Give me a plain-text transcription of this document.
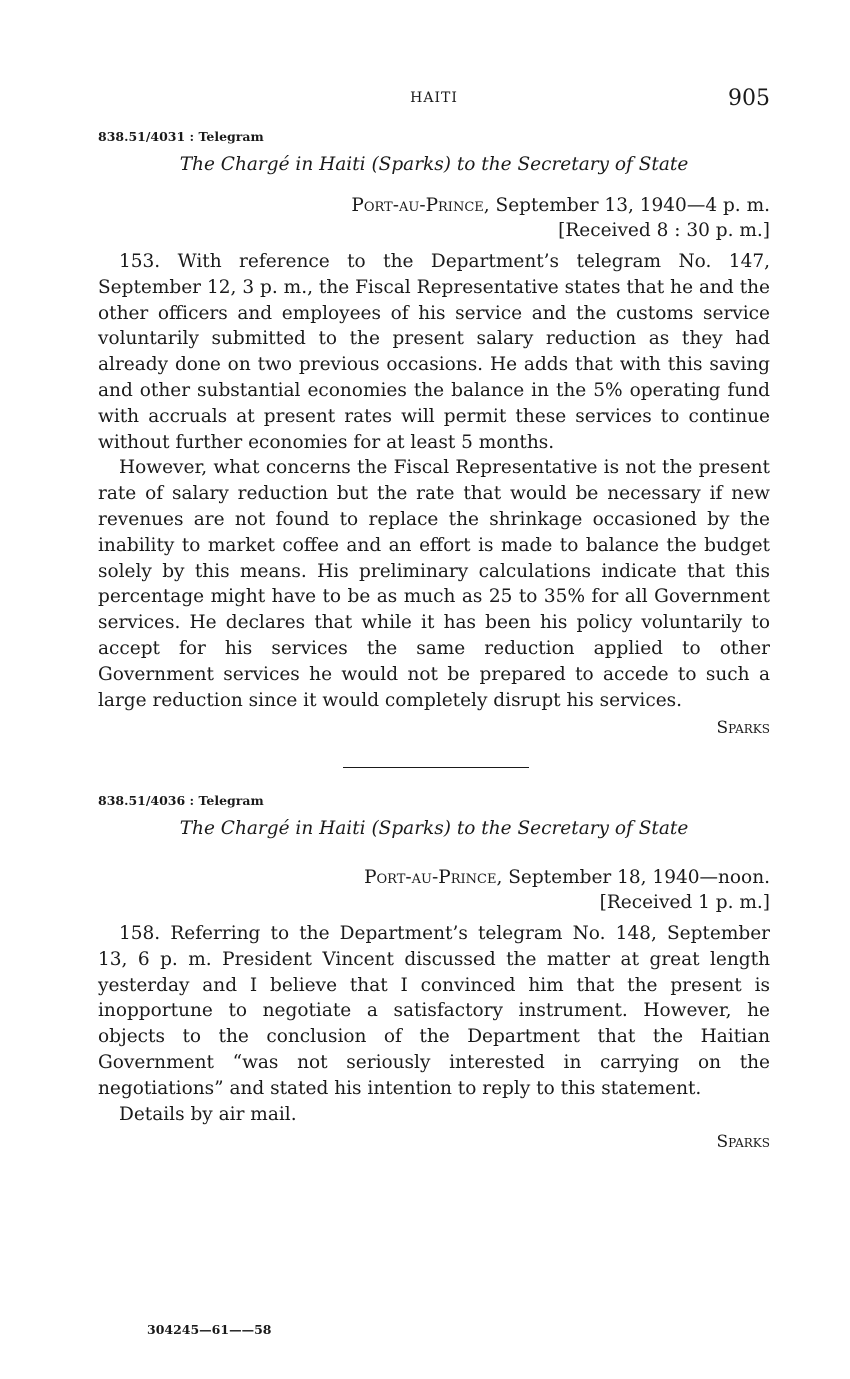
HAITI	905
838.51/4031 : Telegram
The Chargé in Haiti (Sparks) to the Secretary of State
Port-au-Prince, September 13, 1940—4 p. m.
[Received 8 : 30 p. m.]

153. With reference to the Department’s telegram No. 147, September 12, 3 p. m., the Fiscal Representative states that he and the other officers and employees of his service and the customs service voluntarily submitted to the present salary reduction as they had already done on two previous occasions. He adds that with this saving and other substantial economies the balance in the 5% operating fund with accruals at present rates will permit these services to continue without further economies for at least 5 months.

However, what concerns the Fiscal Representative is not the present rate of salary reduction but the rate that would be necessary if new revenues are not found to replace the shrinkage occasioned by the inability to market coffee and an effort is made to balance the budget solely by this means. His preliminary calculations indicate that this percentage might have to be as much as 25 to 35% for all Government services. He declares that while it has been his policy voluntarily to accept for his services the same reduction applied to other Government services he would not be prepared to accede to such a large reduction since it would completely disrupt his services.

Sparks
838.51/4036 : Telegram
The Chargé in Haiti (Sparks) to the Secretary of State
Port-au-Prince, September 18, 1940—noon.
[Received 1 p. m.]

158. Referring to the Department’s telegram No. 148, September 13, 6 p. m. President Vincent discussed the matter at great length yesterday and I believe that I convinced him that the present is inopportune to negotiate a satisfactory instrument. However, he objects to the conclusion of the Department that the Haitian Government “was not seriously interested in carrying on the negotiations” and stated his intention to reply to this statement.

Details by air mail.

Sparks
304245—61——58
